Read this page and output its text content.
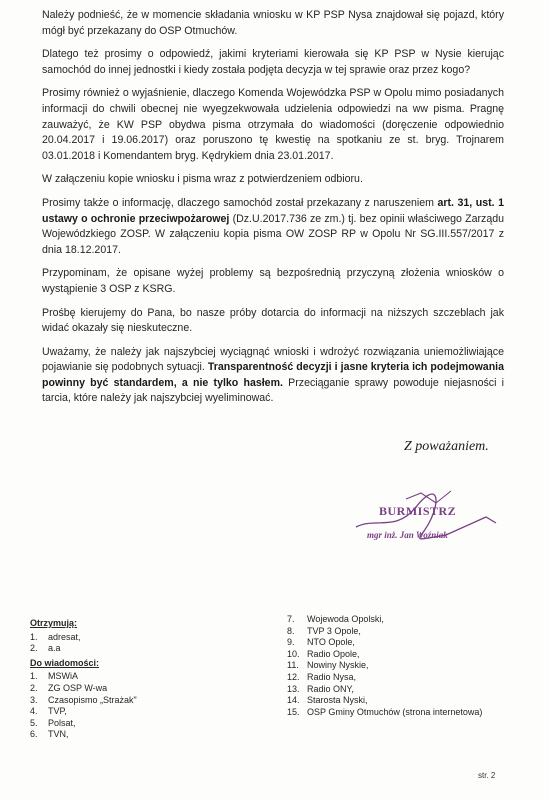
Należy podnieść, że w momencie składania wniosku w KP PSP Nysa znajdował się pojazd, który mógł być przekazany do OSP Otmuchów.

Dlatego też prosimy o odpowiedź, jakimi kryteriami kierowała się KP PSP w Nysie kierując samochód do innej jednostki i kiedy została podjęta decyzja w tej sprawie oraz przez kogo?

Prosimy również o wyjaśnienie, dlaczego Komenda Wojewódzka PSP w Opolu mimo posiadanych informacji do chwili obecnej nie wyegzekwowała udzielenia odpowiedzi na ww pisma. Pragnę zauważyć, że KW PSP obydwa pisma otrzymała do wiadomości (doręczenie odpowiednio 20.04.2017 i 19.06.2017) oraz poruszono tę kwestię na spotkaniu ze st. bryg. Trojnarem 03.01.2018 i Komendantem bryg. Kędrykiem dnia 23.01.2017.

W załączeniu kopie wniosku i pisma wraz z potwierdzeniem odbioru.

Prosimy także o informację, dlaczego samochód został przekazany z naruszeniem art. 31, ust. 1 ustawy o ochronie przeciwpożarowej (Dz.U.2017.736 ze zm.) tj. bez opinii właściwego Zarządu Wojewódzkiego ZOSP. W załączeniu kopia pisma OW ZOSP RP w Opolu Nr SG.III.557/2017 z dnia 18.12.2017.

Przypominam, że opisane wyżej problemy są bezpośrednią przyczyną złożenia wniosków o wystąpienie 3 OSP z KSRG.

Prośbę kierujemy do Pana, bo nasze próby dotarcia do informacji na niższych szczeblach jak widać okazały się nieskuteczne.

Uważamy, że należy jak najszybciej wyciągnąć wnioski i wdrożyć rozwiązania uniemożliwiające pojawianie się podobnych sytuacji. Transparentność decyzji i jasne kryteria ich podejmowania powinny być standardem, a nie tylko hasłem. Przeciąganie sprawy powoduje niejasności i tarcia, które należy jak najszybciej wyeliminować.

Z poważaniem.
BURMISTRZ
mgr inż. Jan Woźniak
Otrzymują:
1.	adresat,
2.	a.a
Do wiadomości:
1.	MSWiA
2.	ZG OSP W-wa
3.	Czasopismo „Strażak"
4.	TVP,
5.	Polsat,
6.	TVN,
7.	Wojewoda Opolski,
8.	TVP 3 Opole,
9.	NTO Opole,
10. Radio Opole,
11. Nowiny Nyskie,
12. Radio Nysa,
13. Radio ONY,
14. Starosta Nyski,
15. OSP Gminy Otmuchów (strona internetowa)
str. 2
